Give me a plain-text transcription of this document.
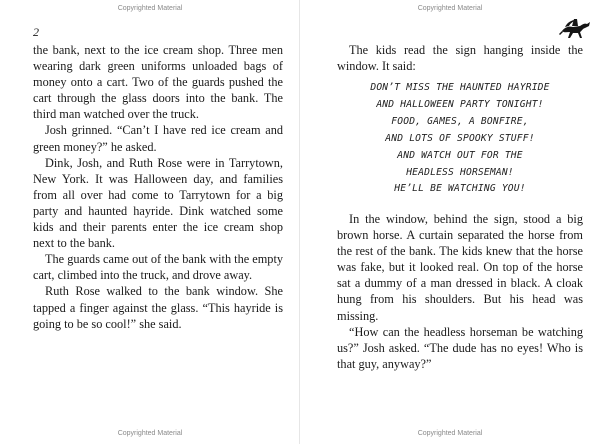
Copyrighted Material
2

the bank, next to the ice cream shop. Three men wearing dark green uniforms unloaded bags of money onto a cart. Two of the guards pushed the cart through the glass doors into the bank. The third man watched over the truck.

Josh grinned. “Can’t I have red ice cream and green money?” he asked.

Dink, Josh, and Ruth Rose were in Tarrytown, New York. It was Halloween day, and families from all over had come to Tarrytown for a big party and haunted hayride. Dink watched some kids and their parents enter the ice cream shop next to the bank.

The guards came out of the bank with the empty cart, climbed into the truck, and drove away.

Ruth Rose walked to the bank window. She tapped a finger against the glass. “This hayride is going to be so cool!” she said.

Copyrighted Material
Copyrighted Material

The kids read the sign hanging inside the window. It said:

DON’T MISS THE HAUNTED HAYRIDE
AND HALLOWEEN PARTY TONIGHT!
FOOD, GAMES, A BONFIRE,
AND LOTS OF SPOOKY STUFF!
AND WATCH OUT FOR THE
HEADLESS HORSEMAN!
HE’LL BE WATCHING YOU!

In the window, behind the sign, stood a big brown horse. A curtain separated the horse from the rest of the bank. The kids knew that the horse was fake, but it looked real. On top of the horse sat a dummy of a man dressed in black. A cloak hung from his shoulders. But his head was missing.

“How can the headless horseman be watching us?” Josh asked. “The dude has no eyes! Who is that guy, anyway?”

Copyrighted Material
